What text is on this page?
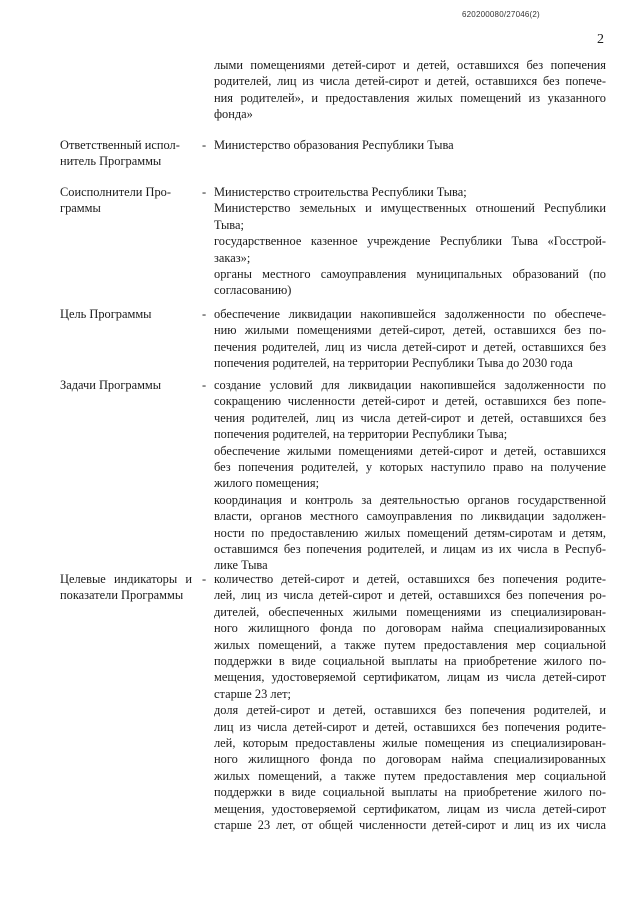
620200080/27046(2)
2
лыми помещениями детей-сирот и детей, оставшихся без попечения
родителей, лиц из числа детей-сирот и детей, оставшихся без попече-
ния родителей», и предоставления жилых помещений из указанного
фонда»
Ответственный испол-
нитель Программы
- Министерство образования Республики Тыва
Соисполнители Про-
граммы
- Министерство строительства Республики Тыва;
Министерство земельных и имущественных отношений Республики
Тыва;
государственное казенное учреждение Республики Тыва «Госстрой-
заказ»;
органы местного самоуправления муниципальных образований (по
согласованию)
Цель Программы	- обеспечение ликвидации накопившейся задолженности по обеспече-
нию жилыми помещениями детей-сирот, детей, оставшихся без по-
печения родителей, лиц из числа детей-сирот и детей, оставшихся без
попечения родителей, на территории Республики Тыва до 2030 года
Задачи Программы	- создание условий для ликвидации накопившейся задолженности по
сокращению численности детей-сирот и детей, оставшихся без попе-
чения родителей, лиц из числа детей-сирот и детей, оставшихся без
попечения родителей, на территории Республики Тыва;
обеспечение жилыми помещениями детей-сирот и детей, оставшихся
без попечения родителей, у которых наступило право на получение
жилого помещения;
координация и контроль за деятельностью органов государственной
власти, органов местного самоуправления по ликвидации задолжен-
ности по предоставлению жилых помещений детям-сиротам и детям,
оставшимся без попечения родителей, и лицам из их числа в Респуб-
лике Тыва
Целевые индикаторы и
показатели Программы
- количество детей-сирот и детей, оставшихся без попечения родите-
лей, лиц из числа детей-сирот и детей, оставшихся без попечения ро-
дителей, обеспеченных жилыми помещениями из специализирован-
ного жилищного фонда по договорам найма специализированных
жилых помещений, а также путем предоставления мер социальной
поддержки в виде социальной выплаты на приобретение жилого по-
мещения, удостоверяемой сертификатом, лицам из числа детей-сирот
старше 23 лет;
доля детей-сирот и детей, оставшихся без попечения родителей, и
лиц из числа детей-сирот и детей, оставшихся без попечения родите-
лей, которым предоставлены жилые помещения из специализирован-
ного жилищного фонда по договорам найма специализированных
жилых помещений, а также путем предоставления мер социальной
поддержки в виде социальной выплаты на приобретение жилого по-
мещения, удостоверяемой сертификатом, лицам из числа детей-сирот
старше 23 лет, от общей численности детей-сирот и лиц из их числа
